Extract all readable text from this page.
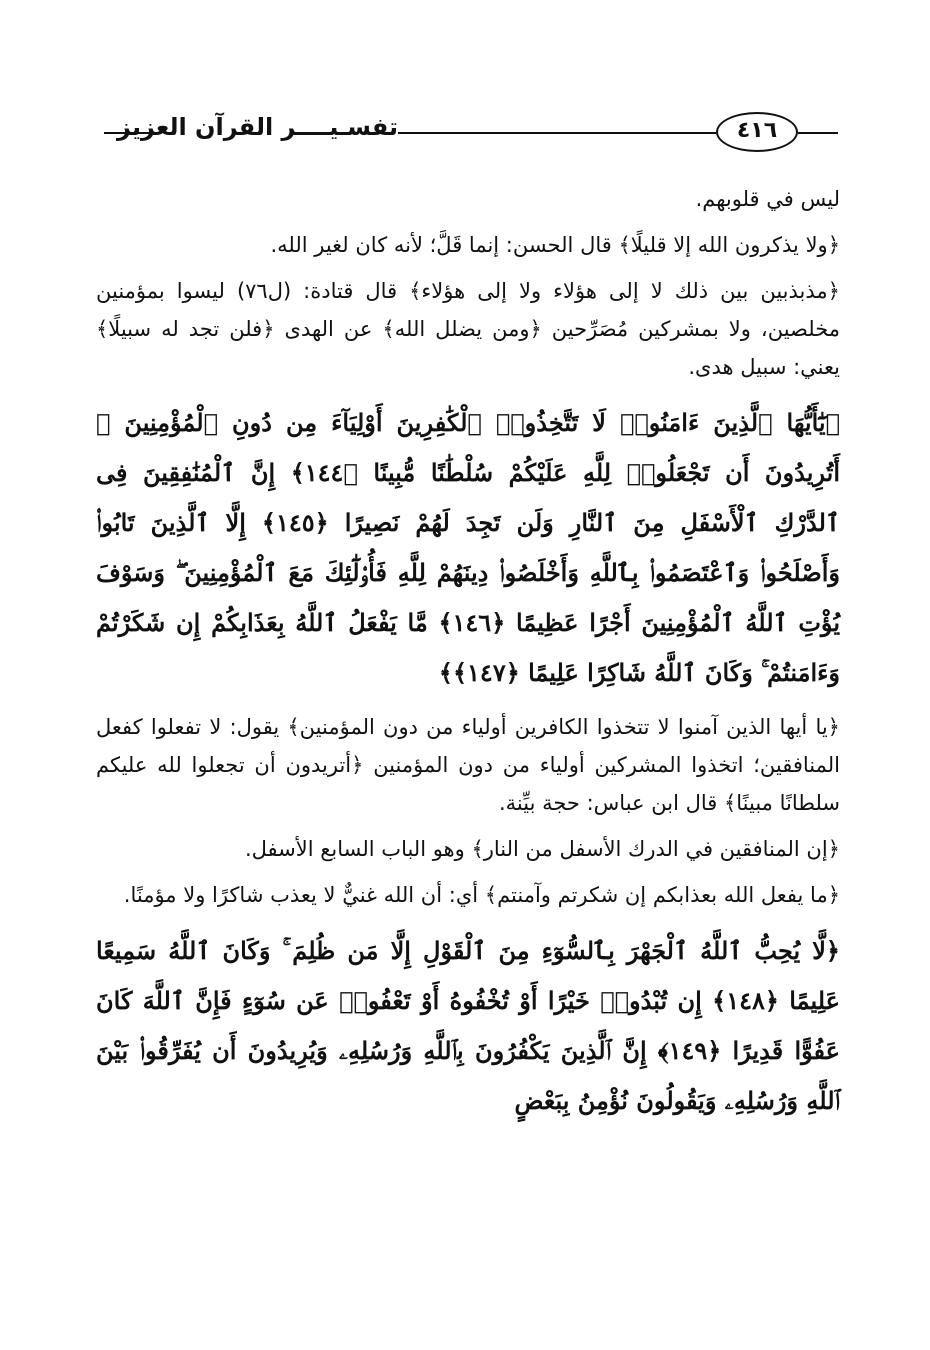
تفسـيــــر القرآن العزيز	٤١٦

ليس في قلوبهم.

﴿ولا يذكرون الله إلا قليلًا﴾ قال الحسن: إنما قَلَّ؛ لأنه كان لغير الله.

﴿مذبذبين بين ذلك لا إلى هؤلاء ولا إلى هؤلاء﴾ قال قتادة: (ل٧٦) ليسوا بمؤمنين مخلصين، ولا بمشركين مُصَرِّحين ﴿ومن يضلل الله﴾ عن الهدى ﴿فلن تجد له سبيلًا﴾ يعني: سبيل هدى.

﴿يَٰٓأَيُّهَا ٱلَّذِينَ ءَامَنُوا۟ لَا تَتَّخِذُوا۟ ٱلْكَٰفِرِينَ أَوْلِيَآءَ مِن دُونِ ٱلْمُؤْمِنِينَ ۚ أَتُرِيدُونَ أَن تَجْعَلُوا۟ لِلَّهِ عَلَيْكُمْ سُلْطَٰنًا مُّبِينًا ﴿١٤٤﴾ إِنَّ ٱلْمُنَٰفِقِينَ فِى ٱلدَّرْكِ ٱلْأَسْفَلِ مِنَ ٱلنَّارِ وَلَن تَجِدَ لَهُمْ نَصِيرًا ﴿١٤٥﴾ إِلَّا ٱلَّذِينَ تَابُوا۟ وَأَصْلَحُوا۟ وَٱعْتَصَمُوا۟ بِٱللَّهِ وَأَخْلَصُوا۟ دِينَهُمْ لِلَّهِ فَأُو۟لَٰٓئِكَ مَعَ ٱلْمُؤْمِنِينَ ۖ وَسَوْفَ يُؤْتِ ٱللَّهُ ٱلْمُؤْمِنِينَ أَجْرًا عَظِيمًا ﴿١٤٦﴾ مَّا يَفْعَلُ ٱللَّهُ بِعَذَابِكُمْ إِن شَكَرْتُمْ وَءَامَنتُمْ ۚ وَكَانَ ٱللَّهُ شَاكِرًا عَلِيمًا ﴿١٤٧﴾﴾

﴿يا أيها الذين آمنوا لا تتخذوا الكافرين أولياء من دون المؤمنين﴾ يقول: لا تفعلوا كفعل المنافقين؛ اتخذوا المشركين أولياء من دون المؤمنين ﴿أتريدون أن تجعلوا لله عليكم سلطانًا مبينًا﴾ قال ابن عباس: حجة بيِّنة.

﴿إن المنافقين في الدرك الأسفل من النار﴾ وهو الباب السابع الأسفل.

﴿ما يفعل الله بعذابكم إن شكرتم وآمنتم﴾ أي: أن الله غنيٌّ لا يعذب شاكرًا ولا مؤمنًا.

﴿لَّا يُحِبُّ ٱللَّهُ ٱلْجَهْرَ بِٱلسُّوٓءِ مِنَ ٱلْقَوْلِ إِلَّا مَن ظُلِمَ ۚ وَكَانَ ٱللَّهُ سَمِيعًا عَلِيمًا ﴿١٤٨﴾ إِن تُبْدُوا۟ خَيْرًا أَوْ تُخْفُوهُ أَوْ تَعْفُوا۟ عَن سُوٓءٍ فَإِنَّ ٱللَّهَ كَانَ عَفُوًّا قَدِيرًا ﴿١٤٩﴾ إِنَّ ٱلَّذِينَ يَكْفُرُونَ بِٱللَّهِ وَرُسُلِهِۦ وَيُرِيدُونَ أَن يُفَرِّقُوا۟ بَيْنَ ٱللَّهِ وَرُسُلِهِۦ وَيَقُولُونَ نُؤْمِنُ بِبَعْضٍ
